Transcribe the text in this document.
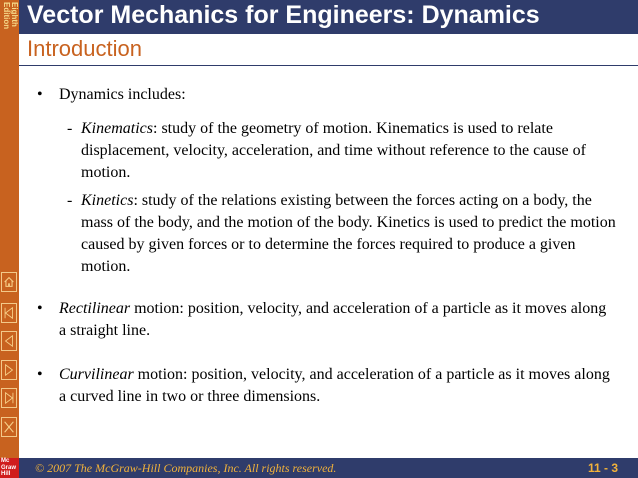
Eighth
Edition
Mc
Graw
Hill
Vector Mechanics for Engineers: Dynamics
Introduction
• Dynamics includes:
- Kinematics: study of the geometry of motion. Kinematics is used to relate displacement, velocity, acceleration, and time without reference to the cause of motion.
- Kinetics: study of the relations existing between the forces acting on a body, the mass of the body, and the motion of the body. Kinetics is used to predict the motion caused by given forces or to determine the forces required to produce a given motion.
• Rectilinear motion: position, velocity, and acceleration of a particle as it moves along a straight line.
• Curvilinear motion: position, velocity, and acceleration of a particle as it moves along a curved line in two or three dimensions.
© 2007 The McGraw-Hill Companies, Inc. All rights reserved.	11 - 3
